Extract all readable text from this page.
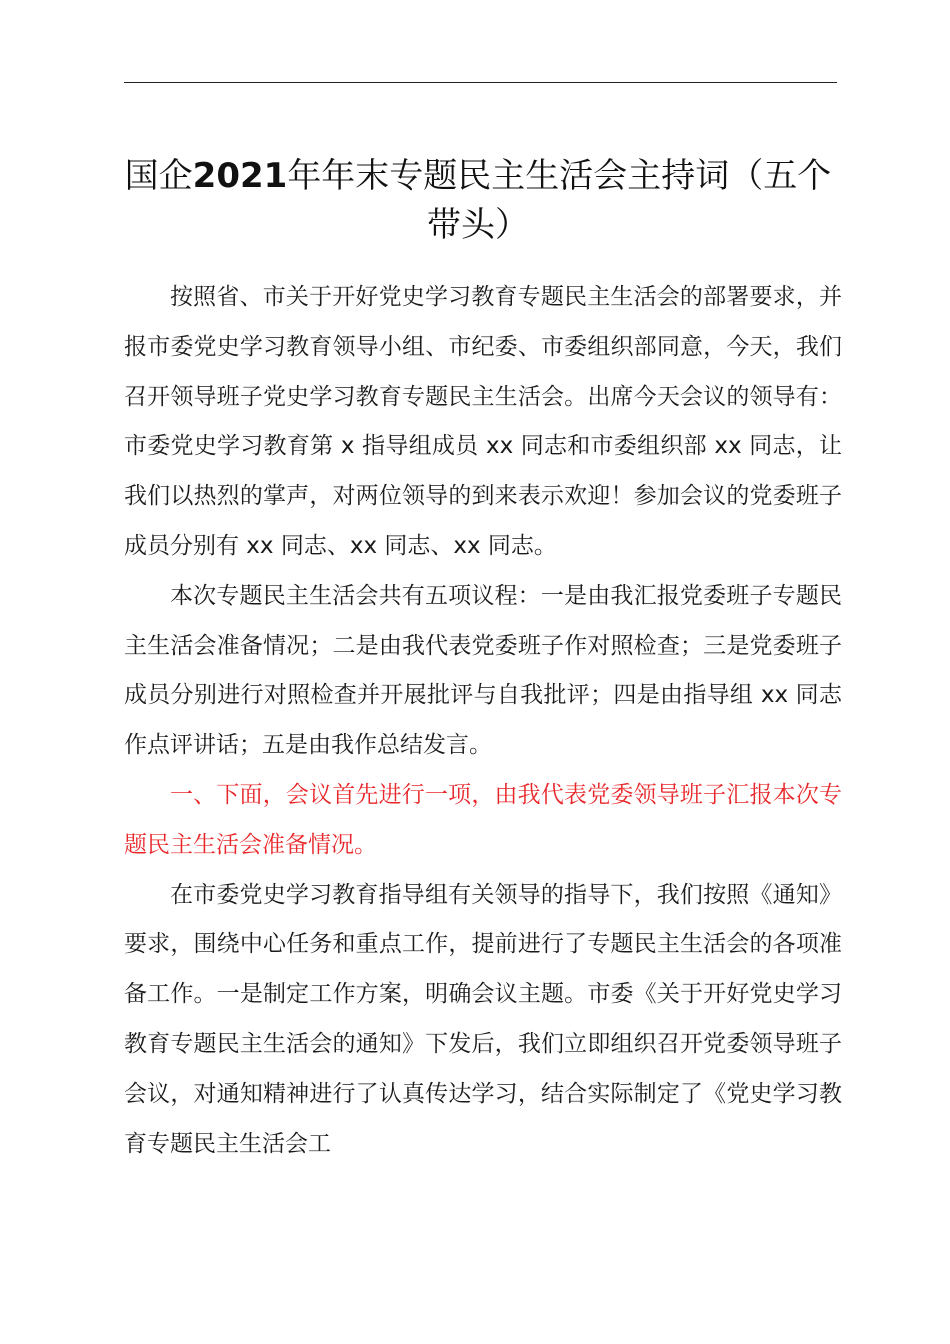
国企2021年年末专题民主生活会主持词（五个带头）

按照省、市关于开好党史学习教育专题民主生活会的部署要求，并报市委党史学习教育领导小组、市纪委、市委组织部同意，今天，我们召开领导班子党史学习教育专题民主生活会。出席今天会议的领导有：市委党史学习教育第 x 指导组成员 xx 同志和市委组织部 xx 同志，让我们以热烈的掌声，对两位领导的到来表示欢迎！参加会议的党委班子成员分别有 xx 同志、xx 同志、xx 同志。

本次专题民主生活会共有五项议程：一是由我汇报党委班子专题民主生活会准备情况；二是由我代表党委班子作对照检查；三是党委班子成员分别进行对照检查并开展批评与自我批评；四是由指导组 xx 同志作点评讲话；五是由我作总结发言。

一、下面，会议首先进行一项，由我代表党委领导班子汇报本次专题民主生活会准备情况。

在市委党史学习教育指导组有关领导的指导下，我们按照《通知》要求，围绕中心任务和重点工作，提前进行了专题民主生活会的各项准备工作。一是制定工作方案，明确会议主题。市委《关于开好党史学习教育专题民主生活会的通知》下发后，我们立即组织召开党委领导班子会议，对通知精神进行了认真传达学习，结合实际制定了《党史学习教育专题民主生活会工
